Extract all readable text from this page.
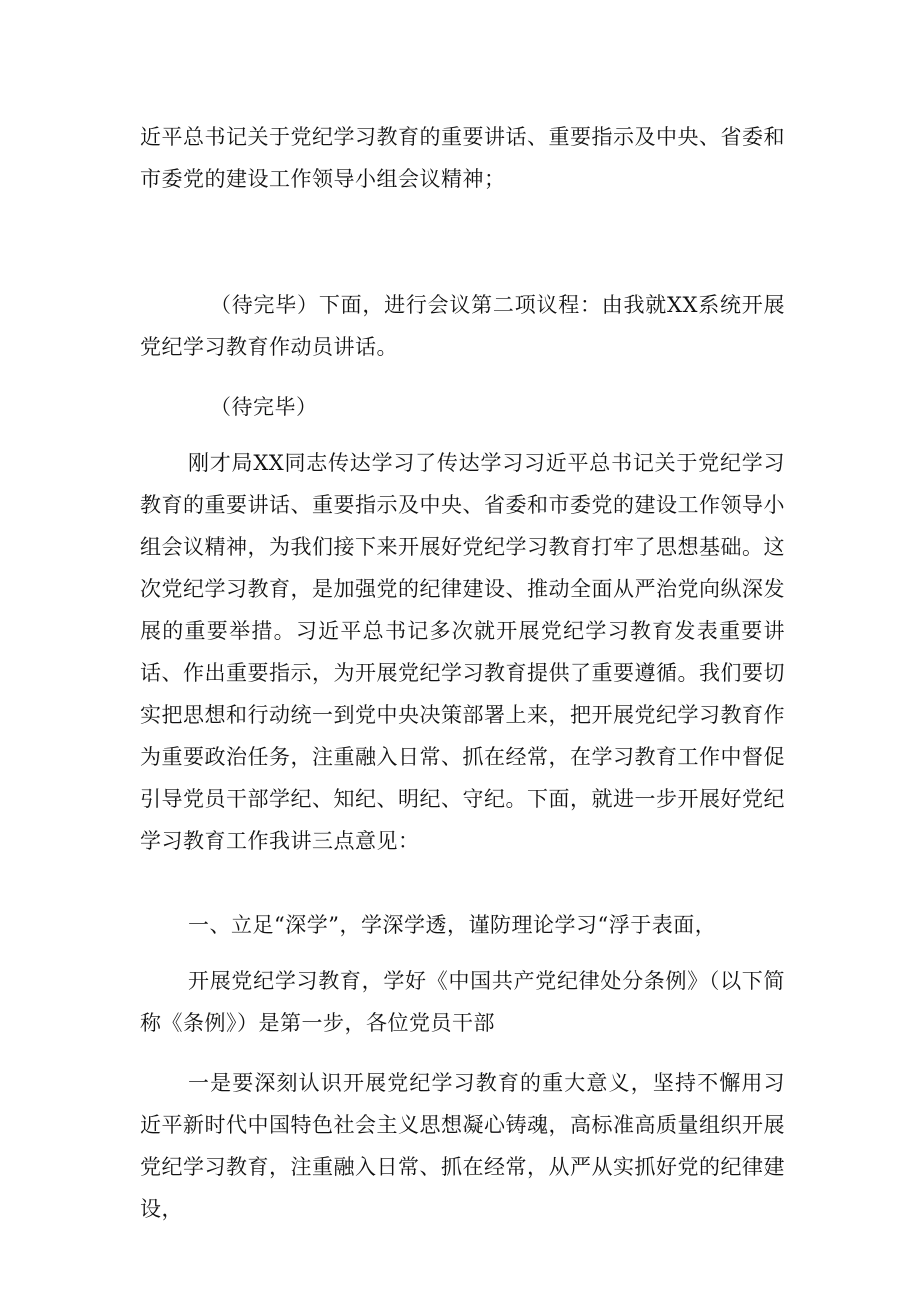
近平总书记关于党纪学习教育的重要讲话、重要指示及中央、省委和市委党的建设工作领导小组会议精神；

（待完毕）下面，进行会议第二项议程：由我就XX系统开展党纪学习教育作动员讲话。

（待完毕）

刚才局XX同志传达学习了传达学习习近平总书记关于党纪学习教育的重要讲话、重要指示及中央、省委和市委党的建设工作领导小组会议精神，为我们接下来开展好党纪学习教育打牢了思想基础。这次党纪学习教育，是加强党的纪律建设、推动全面从严治党向纵深发展的重要举措。习近平总书记多次就开展党纪学习教育发表重要讲话、作出重要指示，为开展党纪学习教育提供了重要遵循。我们要切实把思想和行动统一到党中央决策部署上来，把开展党纪学习教育作为重要政治任务，注重融入日常、抓在经常，在学习教育工作中督促引导党员干部学纪、知纪、明纪、守纪。下面，就进一步开展好党纪学习教育工作我讲三点意见：

一、立足“深学”，学深学透，谨防理论学习“浮于表面，

开展党纪学习教育，学好《中国共产党纪律处分条例》（以下简称《条例》）是第一步，各位党员干部

一是要深刻认识开展党纪学习教育的重大意义，坚持不懈用习近平新时代中国特色社会主义思想凝心铸魂，高标准高质量组织开展党纪学习教育，注重融入日常、抓在经常，从严从实抓好党的纪律建设，
